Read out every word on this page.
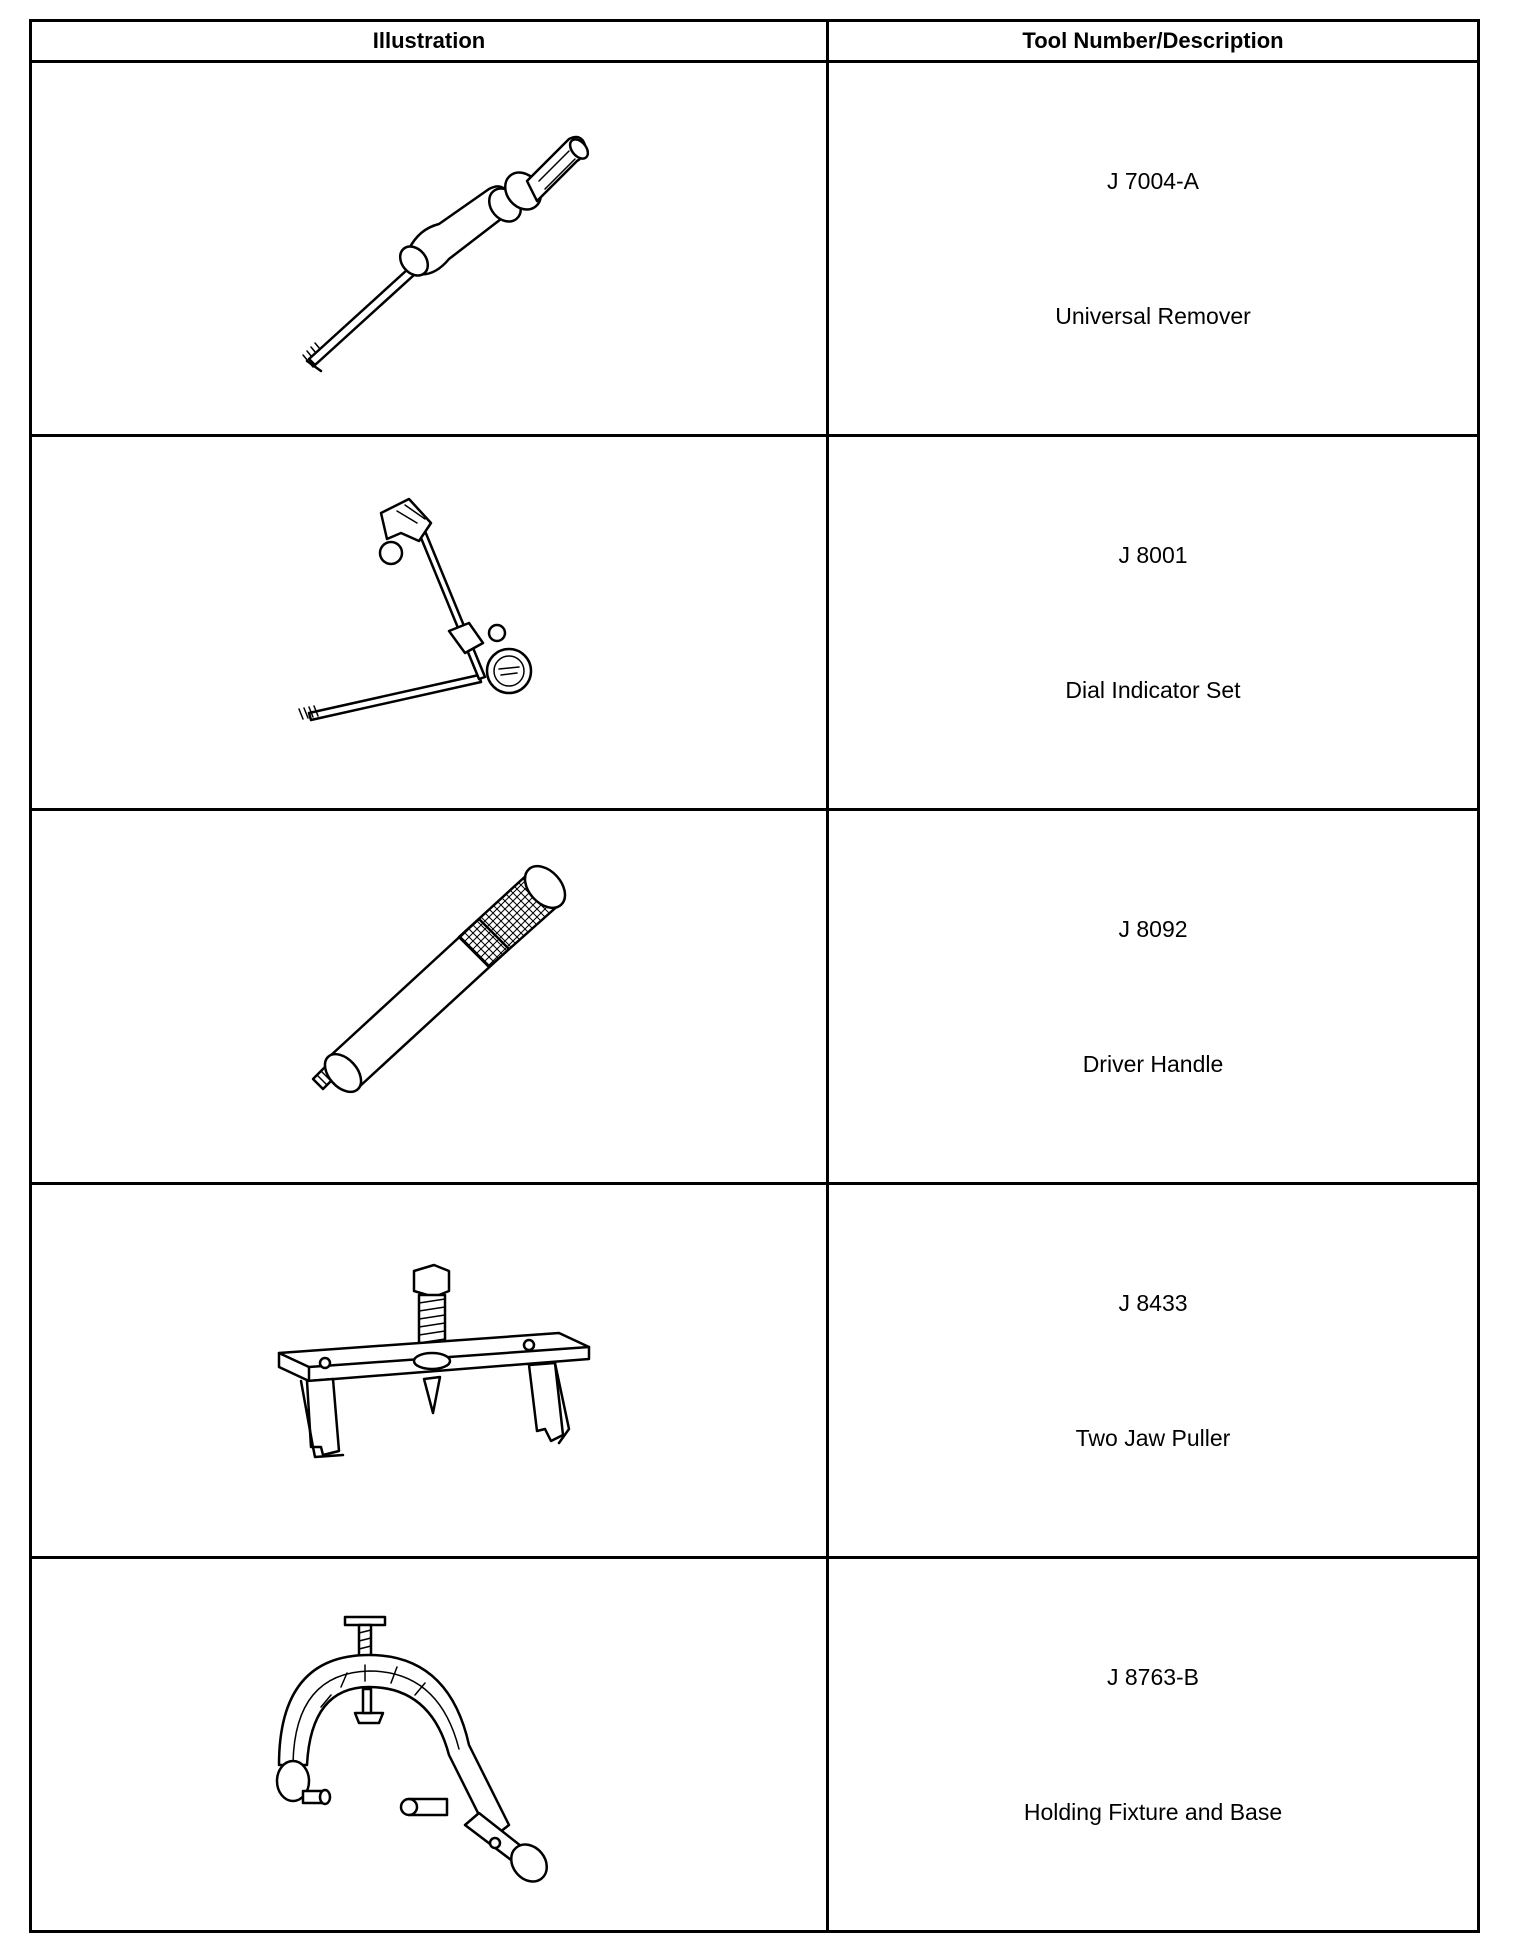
Illustration	Tool Number/Description

J 7004-A
Universal Remover

J 8001
Dial Indicator Set

J 8092
Driver Handle

J 8433
Two Jaw Puller

J 8763-B
Holding Fixture and Base
